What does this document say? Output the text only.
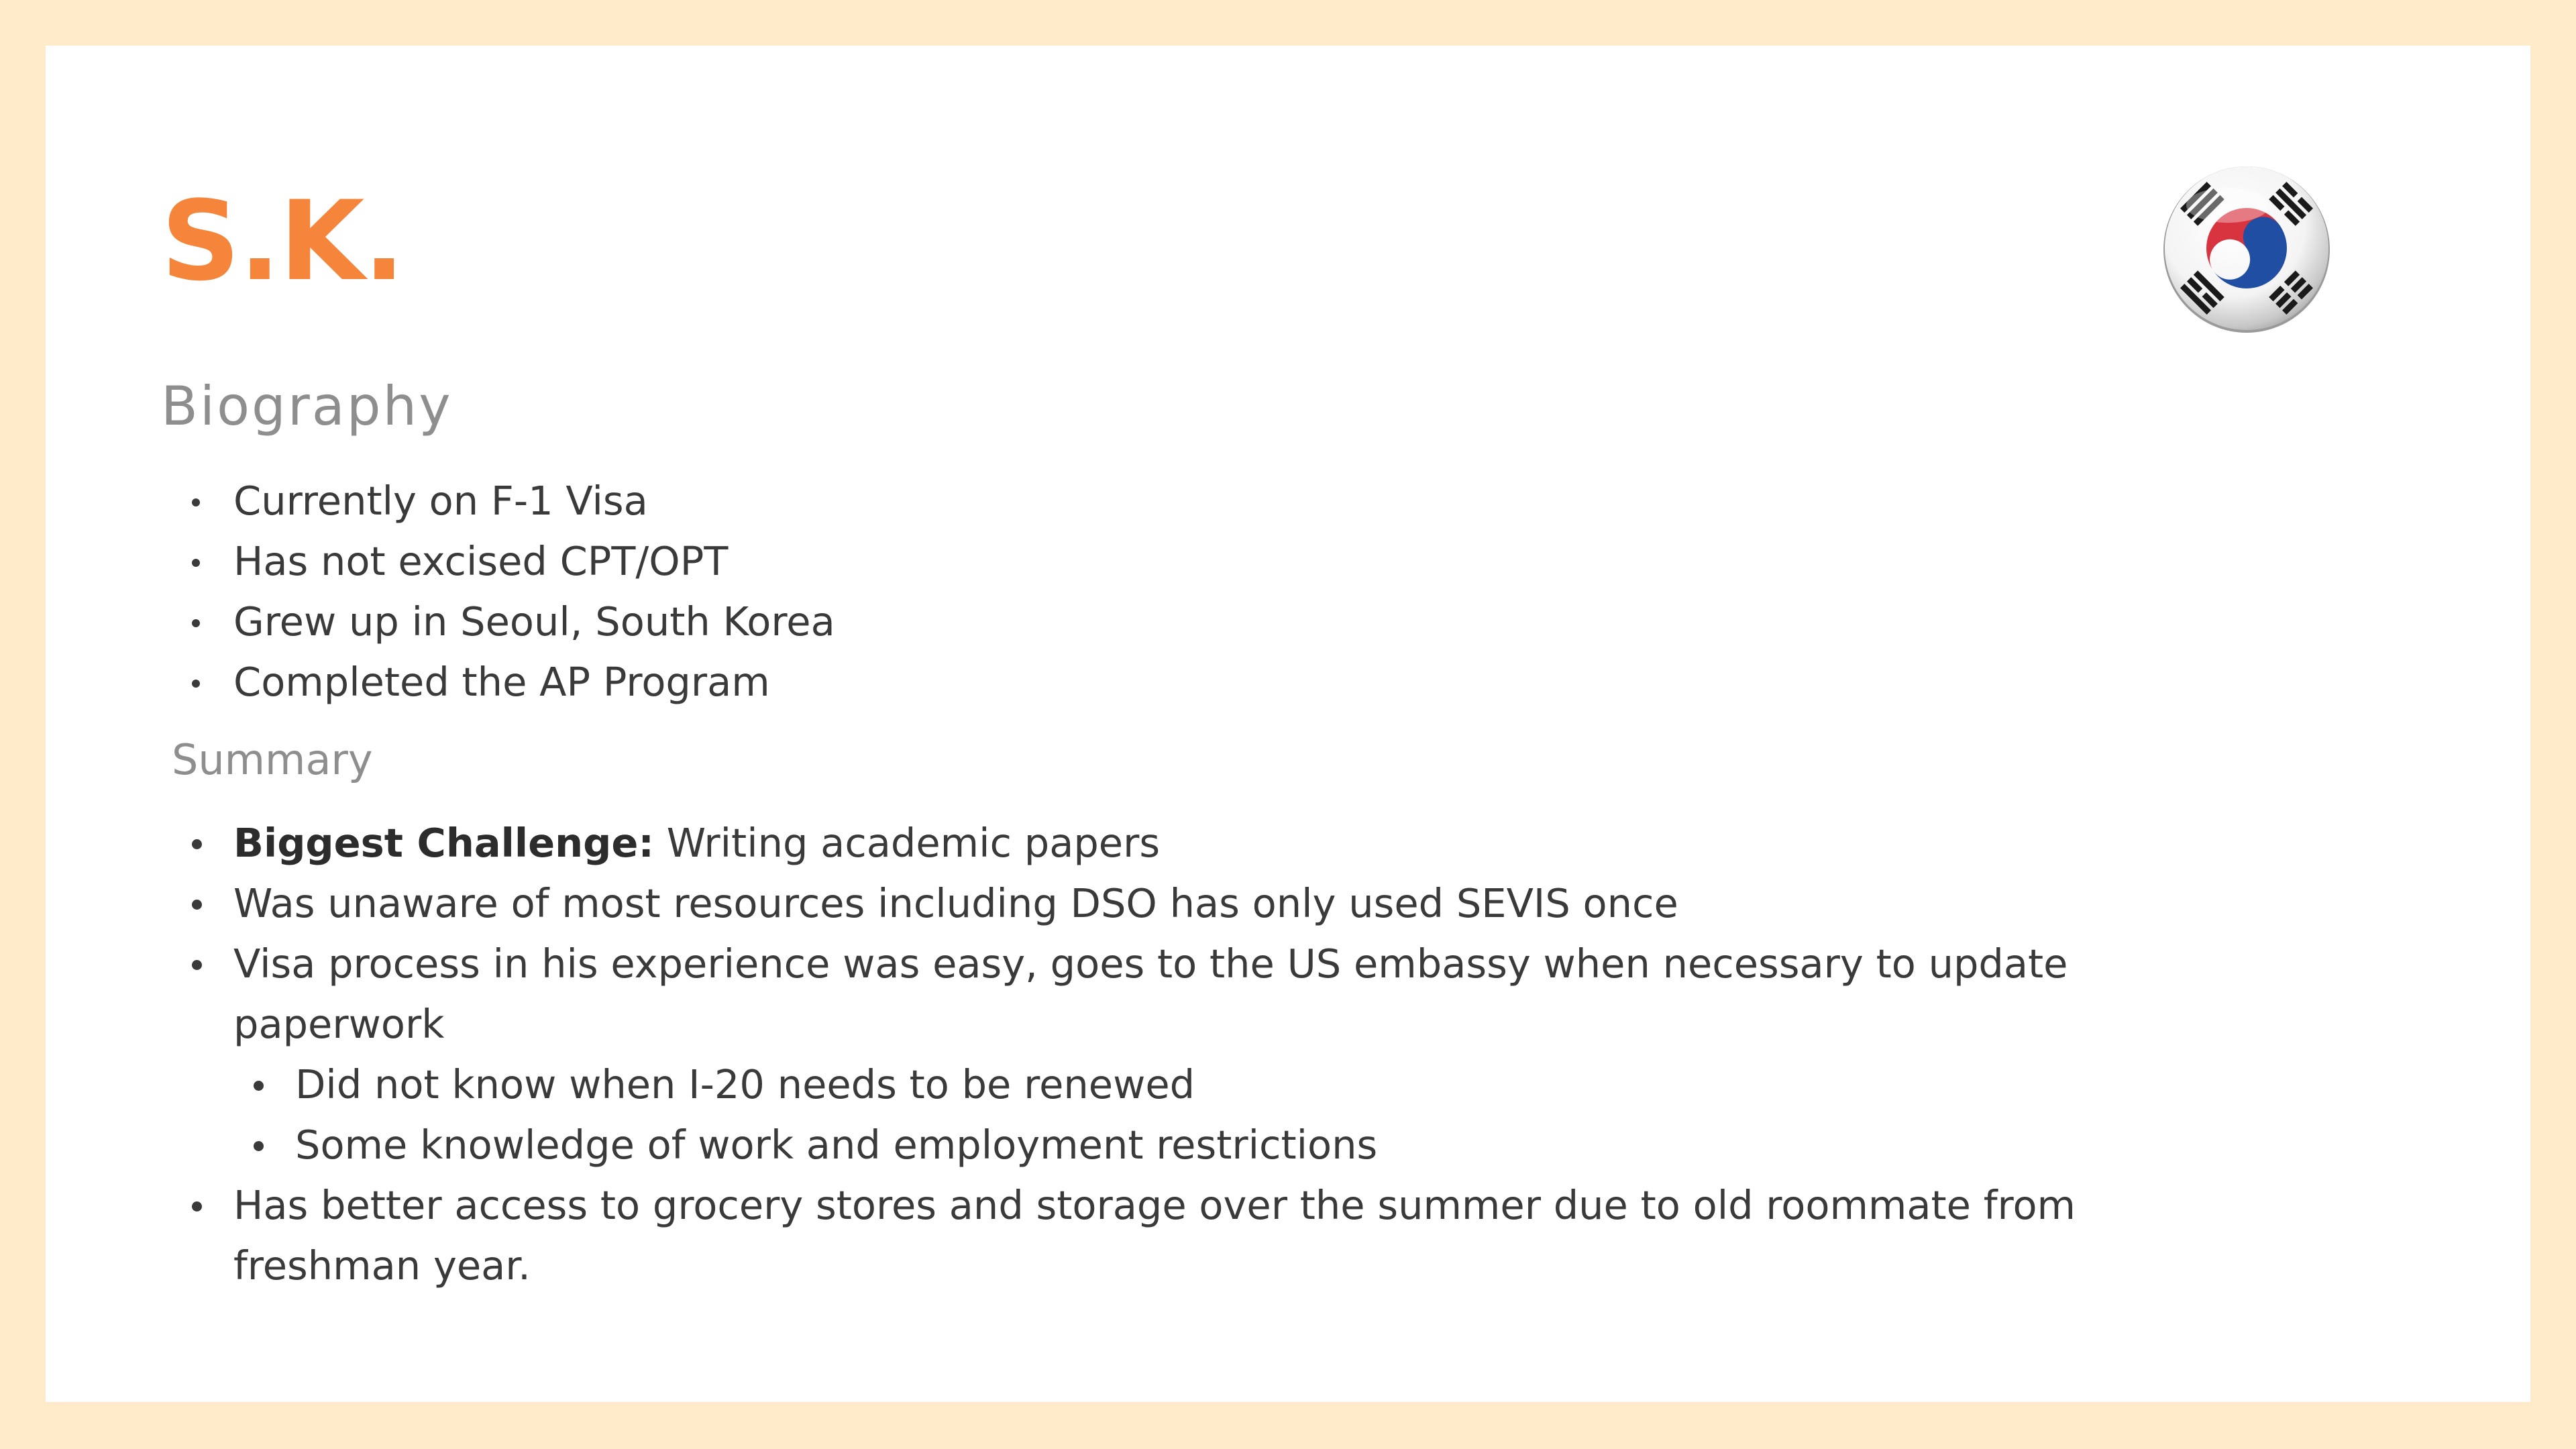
S.K.
Biography
Currently on F-1 Visa
Has not excised CPT/OPT
Grew up in Seoul, South Korea
Completed the AP Program
Summary
Biggest Challenge: Writing academic papers
Was unaware of most resources including DSO has only used SEVIS once
Visa process in his experience was easy, goes to the US embassy when necessary to update paperwork
Did not know when I-20 needs to be renewed
Some knowledge of work and employment restrictions
Has better access to grocery stores and storage over the summer due to old roommate from freshman year.
